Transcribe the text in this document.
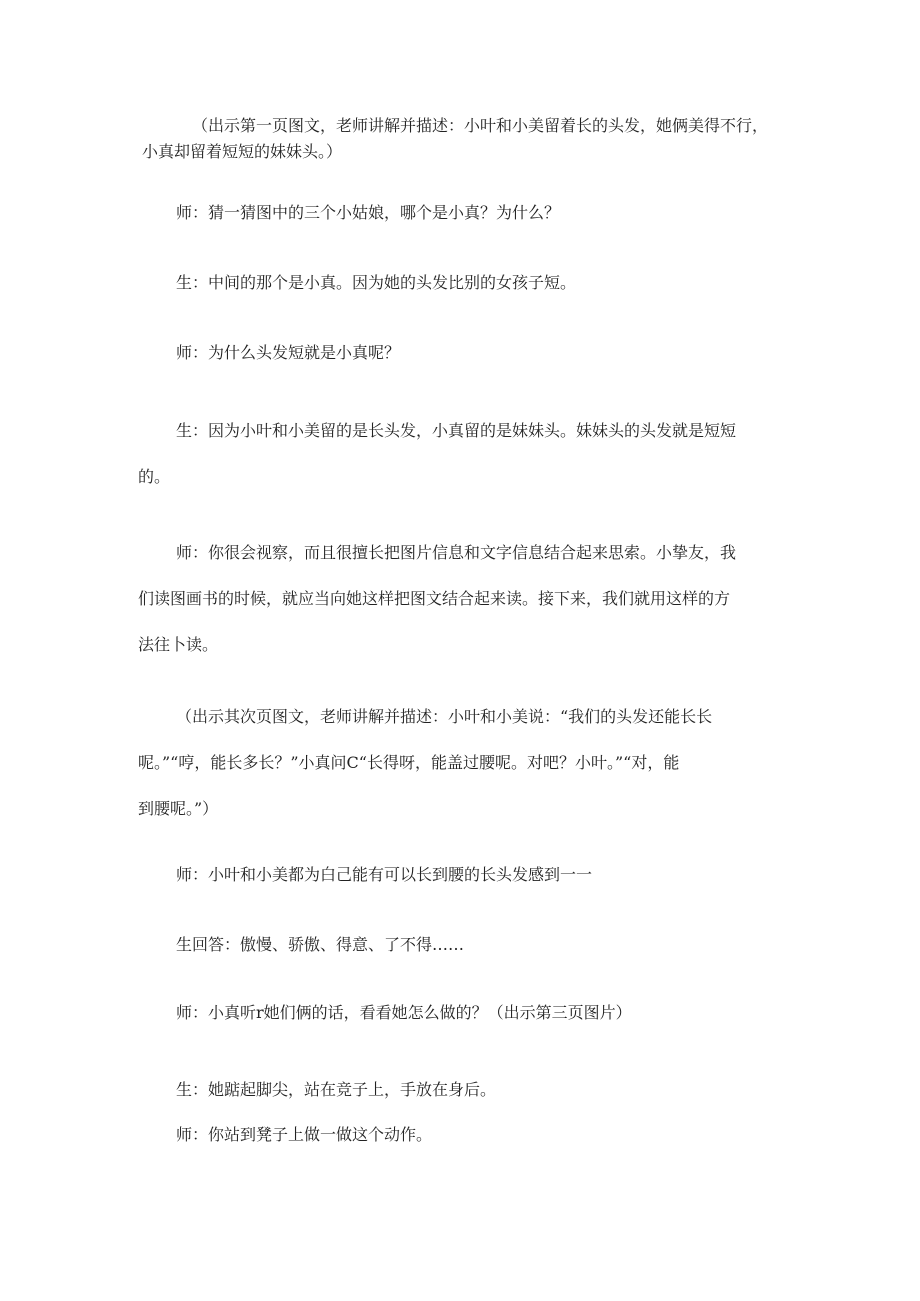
（出示第一页图文，老师讲解并描述：小叶和小美留着长的头发，她俩美得不行，
小真却留着短短的妹妹头。）

师：猜一猜图中的三个小姑娘，哪个是小真？为什么？

生：中间的那个是小真。因为她的头发比别的女孩子短。

师：为什么头发短就是小真呢？

生：因为小叶和小美留的是长头发，小真留的是妹妹头。妹妹头的头发就是短短
的。

师：你很会视察，而且很擅长把图片信息和文字信息结合起来思索。小挚友，我
们读图画书的时候，就应当向她这样把图文结合起来读。接下来，我们就用这样的方
法往卜读。

（出示其次页图文，老师讲解并描述：小叶和小美说：“我们的头发还能长长
呢。”“哼，能长多长？”小真问C“长得呀，能盖过腰呢。对吧？小叶。”“对，能
到腰呢。”）

师：小叶和小美都为白己能有可以长到腰的长头发感到一一

生回答：傲慢、骄傲、得意、了不得……

师：小真听r她们俩的话，看看她怎么做的？（出示第三页图片）

生：她踮起脚尖，站在竞子上，手放在身后。

师：你站到凳子上做一做这个动作。
